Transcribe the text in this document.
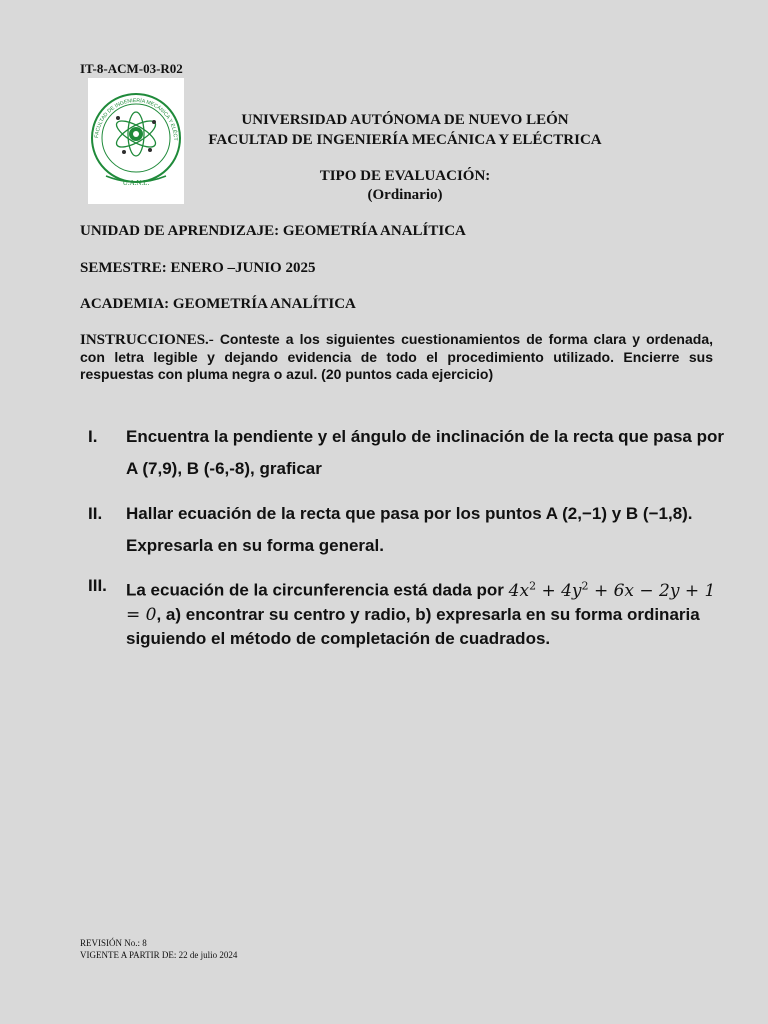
IT-8-ACM-03-R02
FACULTAD DE INGENIERÍA MECÁNICA Y ELÉCT
U.A.N.L.
UNIVERSIDAD AUTÓNOMA DE NUEVO LEÓN
FACULTAD DE INGENIERÍA MECÁNICA Y ELÉCTRICA
TIPO DE EVALUACIÓN:
(Ordinario)
UNIDAD DE APRENDIZAJE: GEOMETRÍA ANALÍTICA
SEMESTRE: ENERO –JUNIO 2025
ACADEMIA: GEOMETRÍA ANALÍTICA
INSTRUCCIONES.- Conteste a los siguientes cuestionamientos de forma clara y ordenada, con letra legible y dejando evidencia de todo el procedimiento utilizado. Encierre sus respuestas con pluma negra o azul. (20 puntos cada ejercicio)
I.	Encuentra la pendiente y el ángulo de inclinación de la recta que pasa por A (7,9), B (-6,-8), graficar
II.	Hallar ecuación de la recta que pasa por los puntos A (2,−1) y B (−1,8). Expresarla en su forma general.
III.	La ecuación de la circunferencia está dada por $4x^2 + 4y^2 + 6x - 2y + 1 = 0$, a) encontrar su centro y radio, b) expresarla en su forma ordinaria siguiendo el método de completación de cuadrados.
REVISIÓN No.: 8
VIGENTE A PARTIR DE: 22 de julio 2024
